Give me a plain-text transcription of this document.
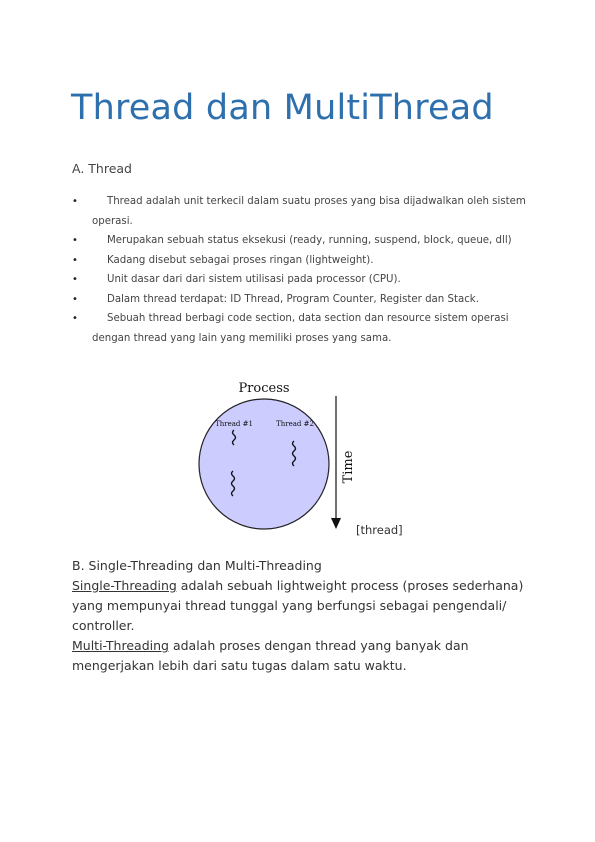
Thread dan MultiThread
A. Thread
•	Thread adalah unit terkecil dalam suatu proses yang bisa dijadwalkan oleh sistem operasi.
•	Merupakan sebuah status eksekusi (ready, running, suspend, block, queue, dll)
•	Kadang disebut sebagai proses ringan (lightweight).
•	Unit dasar dari dari sistem utilisasi pada processor (CPU).
•	Dalam thread terdapat: ID Thread, Program Counter, Register dan Stack.
•	Sebuah thread berbagi code section, data section dan resource sistem operasi dengan thread yang lain yang memiliki proses yang sama.
Process
Thread #1	Thread #2
Time
[thread]
B. Single-Threading dan Multi-Threading
Single-Threading adalah sebuah lightweight process (proses sederhana) yang mempunyai thread tunggal yang berfungsi sebagai pengendali/ controller.
Multi-Threading adalah proses dengan thread yang banyak dan mengerjakan lebih dari satu tugas dalam satu waktu.
